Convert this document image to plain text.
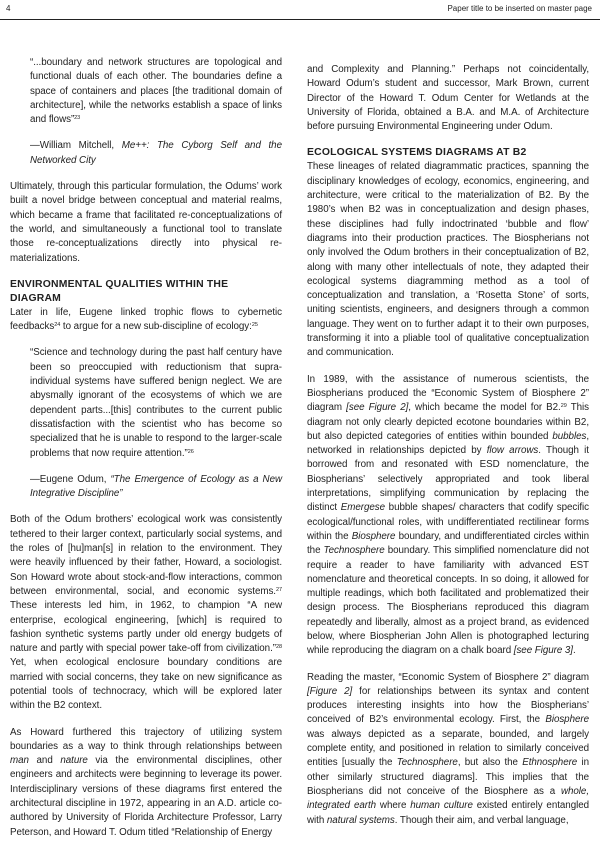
4	Paper title to be inserted on master page

“...boundary and network structures are topological and functional duals of each other. The boundaries define a space of containers and places [the traditional domain of architecture], while the networks establish a space of links and flows”$^{23}$

—William Mitchell, Me++: The Cyborg Self and the Networked City

Ultimately, through this particular formulation, the Odums’ work built a novel bridge between conceptual and material realms, which became a frame that facilitated re-conceptualizations of the world, and simultaneously a functional tool to translate those re-conceptualizations directly into physical re-materializations.

ENVIRONMENTAL QUALITIES WITHIN THE DIAGRAM

Later in life, Eugene linked trophic flows to cybernetic feedbacks$^{24}$ to argue for a new sub-discipline of ecology:$^{25}$

“Science and technology during the past half century have been so preoccupied with reductionism that supra-individual systems have suffered benign neglect. We are abysmally ignorant of the ecosystems of which we are dependent parts...[this] contributes to the current public dissatisfaction with the scientist who has become so specialized that he is unable to respond to the larger-scale problems that now require attention.”$^{26}$

—Eugene Odum, “The Emergence of Ecology as a New Integrative Discipline”

Both of the Odum brothers’ ecological work was consistently tethered to their larger context, particularly social systems, and the roles of [hu]man[s] in relation to the environment. They were heavily influenced by their father, Howard, a sociologist. Son Howard wrote about stock-and-flow interactions, common between environmental, social, and economic systems.$^{27}$ These interests led him, in 1962, to champion “A new enterprise, ecological engineering, [which] is required to fashion synthetic systems partly under old energy budgets of nature and partly with special power take-off from civilization.”$^{28}$ Yet, when ecological enclosure boundary conditions are married with social concerns, they take on new significance as potential tools of technocracy, which will be explored later within the B2 context.

As Howard furthered this trajectory of utilizing system boundaries as a way to think through relationships between man and nature via the environmental disciplines, other engineers and architects were beginning to leverage its power. Interdisciplinary versions of these diagrams first entered the architectural discipline in 1972, appearing in an A.D. article co-authored by University of Florida Architecture Professor, Larry Peterson, and Howard T. Odum titled “Relationship of Energy

and Complexity and Planning.” Perhaps not coincidentally, Howard Odum’s student and successor, Mark Brown, current Director of the Howard T. Odum Center for Wetlands at the University of Florida, obtained a B.A. and M.A. of Architecture before pursuing Environmental Engineering under Odum.

ECOLOGICAL SYSTEMS DIAGRAMS AT B2

These lineages of related diagrammatic practices, spanning the disciplinary knowledges of ecology, economics, engineering, and architecture, were critical to the materialization of B2. By the 1980’s when B2 was in conceptualization and design phases, these disciplines had fully indoctrinated ‘bubble and flow’ diagrams into their production practices. The Biospherians not only involved the Odum brothers in their conceptualization of B2, along with many other intellectuals of note, they adapted their ecological systems diagramming method as a tool of conceptualization and translation, a ‘Rosetta Stone’ of sorts, uniting scientists, engineers, and designers through a common language. They went on to further adapt it to their own purposes, transforming it into a pliable tool of qualitative conceptualization and communication.

In 1989, with the assistance of numerous scientists, the Biospherians produced the “Economic System of Biosphere 2” diagram [see Figure 2], which became the model for B2.29 This diagram not only clearly depicted ecotone boundaries within B2, but also depicted categories of entities within bounded bubbles, networked in relationships depicted by flow arrows. Though it borrowed from and resonated with ESD nomenclature, the Biospherians’ selectively appropriated and took liberal interpretations, simplifying communication by replacing the distinct Emergese bubble shapes/ characters that codify specific ecological/functional roles, with undifferentiated rectilinear forms within the Biosphere boundary, and undifferentiated circles within the Technosphere boundary. This simplified nomenclature did not require a reader to have familiarity with advanced EST nomenclature and theoretical concepts. In so doing, it allowed for multiple readings, which both facilitated and problematized their design process. The Biospherians reproduced this diagram repeatedly and liberally, almost as a project brand, as evidenced below, where Biospherian John Allen is photographed lecturing while reproducing the diagram on a chalk board [see Figure 3].

Reading the master, “Economic System of Biosphere 2” diagram [Figure 2] for relationships between its syntax and content produces interesting insights into how the Biospherians’ conceived of B2’s environmental ecology. First, the Biosphere was always depicted as a separate, bounded, and largely complete entity, and positioned in relation to similarly conceived entities [usually the Technosphere, but also the Ethnosphere in other similarly structured diagrams]. This implies that the Biospherians did not conceive of the Biosphere as a whole, integrated earth where human culture existed entirely entangled with natural systems. Though their aim, and verbal language,
